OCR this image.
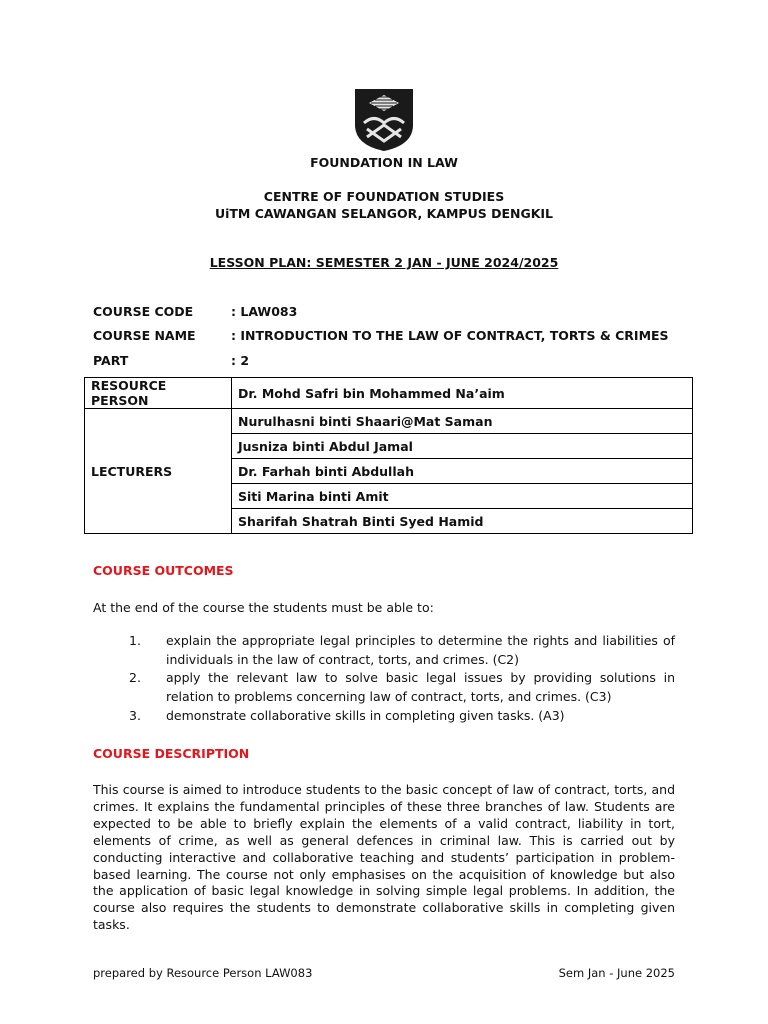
FOUNDATION IN LAW
CENTRE OF FOUNDATION STUDIES
UiTM CAWANGAN SELANGOR, KAMPUS DENGKIL
LESSON PLAN: SEMESTER 2 JAN - JUNE 2024/2025
COURSE CODE	: LAW083
COURSE NAME	: INTRODUCTION TO THE LAW OF CONTRACT, TORTS & CRIMES
PART	: 2
RESOURCE PERSON	Dr. Mohd Safri bin Mohammed Na’aim
LECTURERS	Nurulhasni binti Shaari@Mat Saman
	Jusniza binti Abdul Jamal
	Dr. Farhah binti Abdullah
	Siti Marina binti Amit
	Sharifah Shatrah Binti Syed Hamid
COURSE OUTCOMES
At the end of the course the students must be able to:
1. explain the appropriate legal principles to determine the rights and liabilities of individuals in the law of contract, torts, and crimes. (C2)
2. apply the relevant law to solve basic legal issues by providing solutions in relation to problems concerning law of contract, torts, and crimes. (C3)
3. demonstrate collaborative skills in completing given tasks. (A3)
COURSE DESCRIPTION
This course is aimed to introduce students to the basic concept of law of contract, torts, and crimes. It explains the fundamental principles of these three branches of law. Students are expected to be able to briefly explain the elements of a valid contract, liability in tort, elements of crime, as well as general defences in criminal law. This is carried out by conducting interactive and collaborative teaching and students’ participation in problem-based learning. The course not only emphasises on the acquisition of knowledge but also the application of basic legal knowledge in solving simple legal problems. In addition, the course also requires the students to demonstrate collaborative skills in completing given tasks.
prepared by Resource Person LAW083	Sem Jan - June 2025
